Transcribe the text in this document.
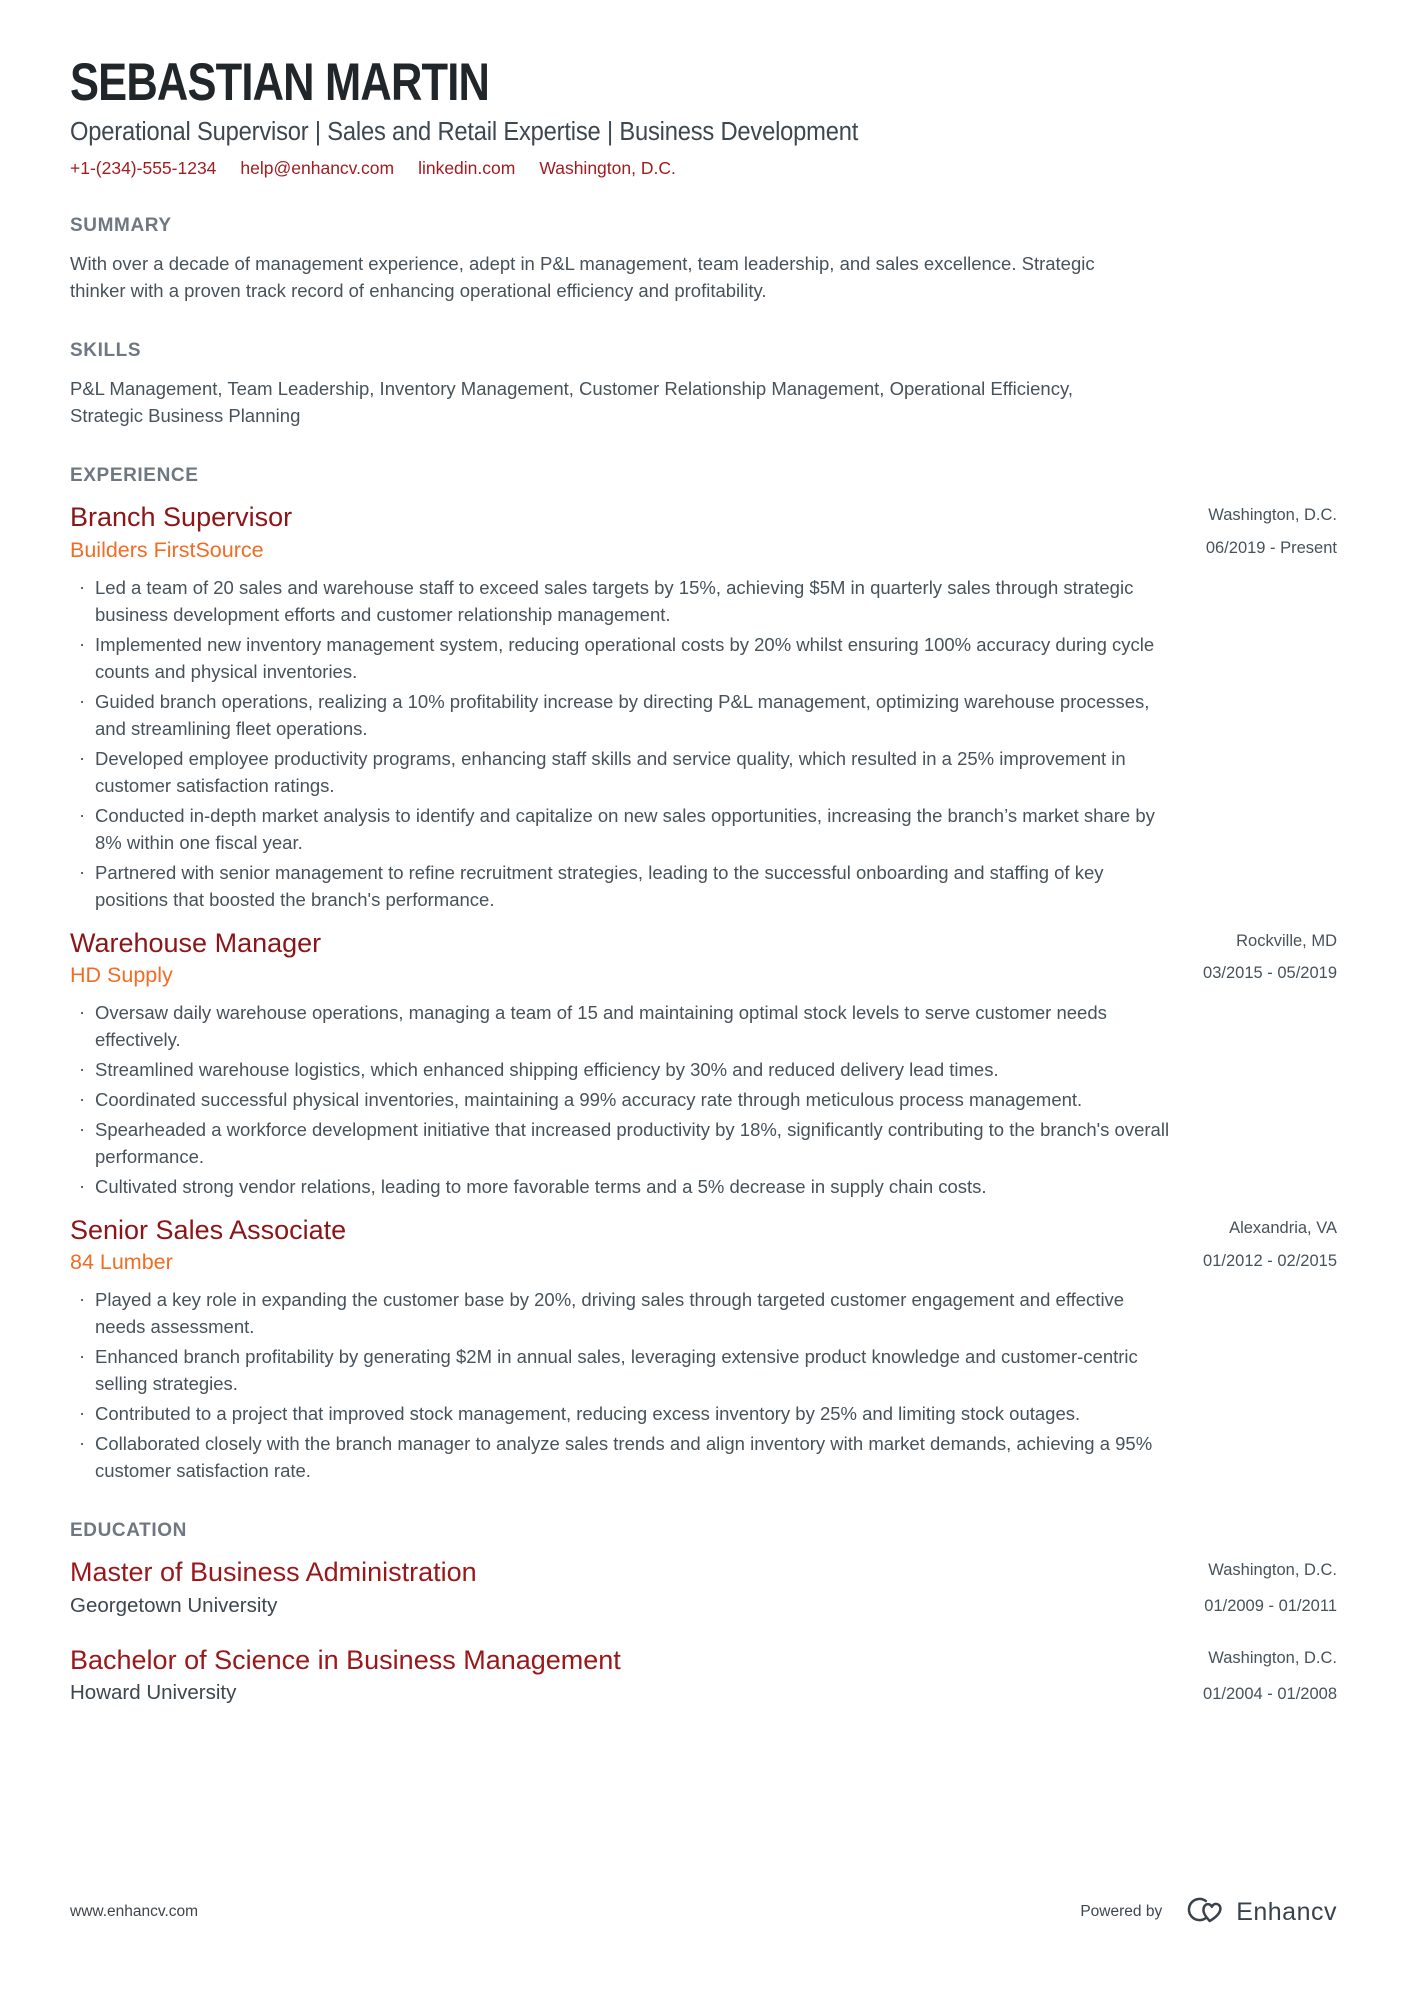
SEBASTIAN MARTIN
Operational Supervisor | Sales and Retail Expertise | Business Development
+1-(234)-555-1234 help@enhancv.com linkedin.com Washington, D.C.
SUMMARY

With over a decade of management experience, adept in P&L management, team leadership, and sales excellence. Strategic thinker with a proven track record of enhancing operational efficiency and profitability.

SKILLS

P&L Management, Team Leadership, Inventory Management, Customer Relationship Management, Operational Efficiency, Strategic Business Planning

EXPERIENCE
Branch Supervisor
Builders FirstSource
Washington, D.C.
06/2019 - Present
· Led a team of 20 sales and warehouse staff to exceed sales targets by 15%, achieving $5M in quarterly sales through strategic business development efforts and customer relationship management.
· Implemented new inventory management system, reducing operational costs by 20% whilst ensuring 100% accuracy during cycle counts and physical inventories.
· Guided branch operations, realizing a 10% profitability increase by directing P&L management, optimizing warehouse processes, and streamlining fleet operations.
· Developed employee productivity programs, enhancing staff skills and service quality, which resulted in a 25% improvement in customer satisfaction ratings.
· Conducted in-depth market analysis to identify and capitalize on new sales opportunities, increasing the branch’s market share by 8% within one fiscal year.
· Partnered with senior management to refine recruitment strategies, leading to the successful onboarding and staffing of key positions that boosted the branch's performance.
Warehouse Manager
HD Supply
Rockville, MD
03/2015 - 05/2019
· Oversaw daily warehouse operations, managing a team of 15 and maintaining optimal stock levels to serve customer needs effectively.
· Streamlined warehouse logistics, which enhanced shipping efficiency by 30% and reduced delivery lead times.
· Coordinated successful physical inventories, maintaining a 99% accuracy rate through meticulous process management.
· Spearheaded a workforce development initiative that increased productivity by 18%, significantly contributing to the branch's overall performance.
· Cultivated strong vendor relations, leading to more favorable terms and a 5% decrease in supply chain costs.
Senior Sales Associate
84 Lumber
Alexandria, VA
01/2012 - 02/2015
· Played a key role in expanding the customer base by 20%, driving sales through targeted customer engagement and effective needs assessment.
· Enhanced branch profitability by generating $2M in annual sales, leveraging extensive product knowledge and customer-centric selling strategies.
· Contributed to a project that improved stock management, reducing excess inventory by 25% and limiting stock outages.
· Collaborated closely with the branch manager to analyze sales trends and align inventory with market demands, achieving a 95% customer satisfaction rate.
EDUCATION
Master of Business Administration
Georgetown University
Washington, D.C.
01/2009 - 01/2011
Bachelor of Science in Business Management
Howard University
Washington, D.C.
01/2004 - 01/2008
www.enhancv.com	Powered by	Enhancv
